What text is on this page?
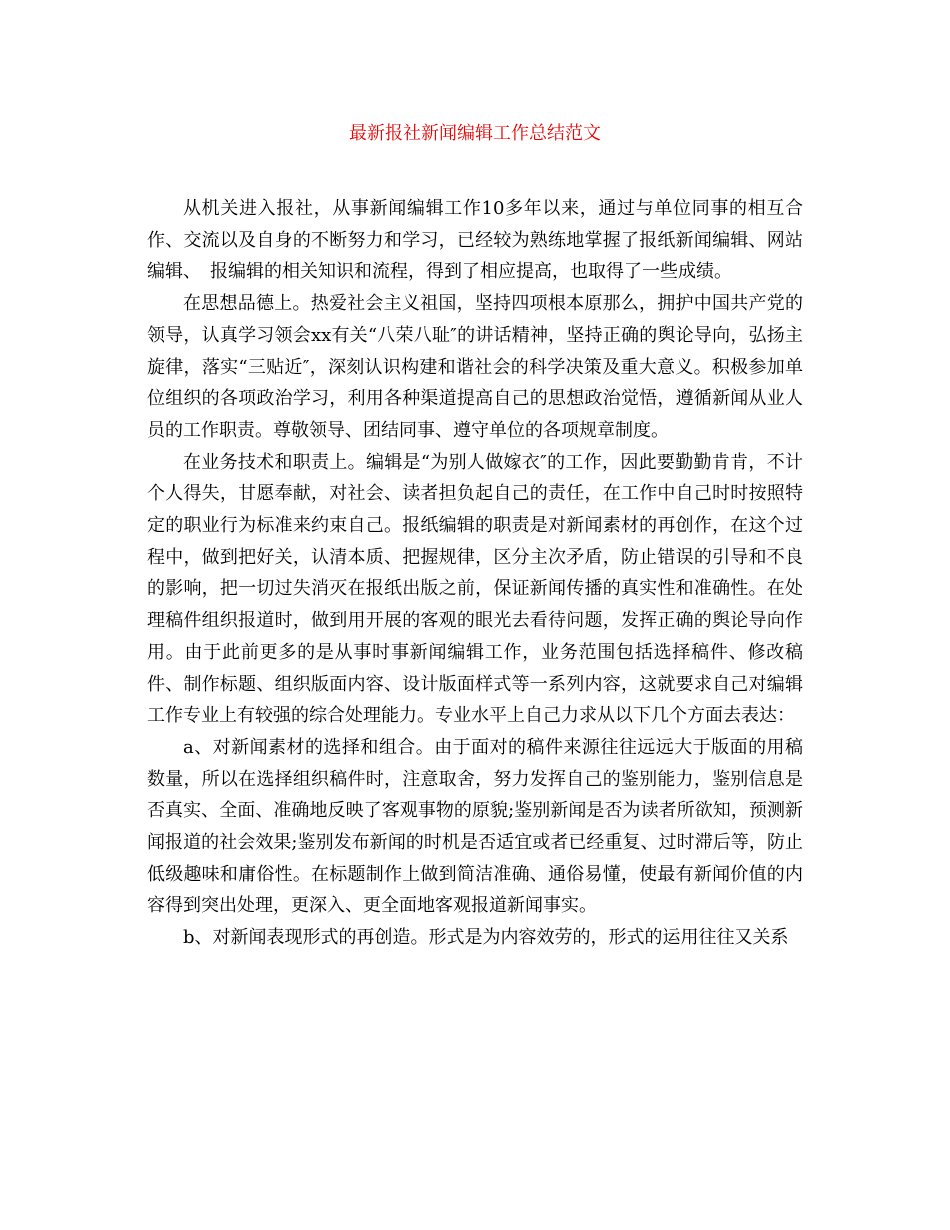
最新报社新闻编辑工作总结范文

从机关进入报社，从事新闻编辑工作10多年以来，通过与单位同事的相互合作、交流以及自身的不断努力和学习，已经较为熟练地掌握了报纸新闻编辑、网站编辑、　报编辑的相关知识和流程，得到了相应提高，也取得了一些成绩。

在思想品德上。热爱社会主义祖国，坚持四项根本原那么，拥护中国共产党的领导，认真学习领会xx有关“八荣八耻″的讲话精神，坚持正确的舆论导向，弘扬主旋律，落实“三贴近″，深刻认识构建和谐社会的科学决策及重大意义。积极参加单位组织的各项政治学习，利用各种渠道提高自己的思想政治觉悟，遵循新闻从业人员的工作职责。尊敬领导、团结同事、遵守单位的各项规章制度。

在业务技术和职责上。编辑是“为别人做嫁衣″的工作，因此要勤勤肯肯，不计个人得失，甘愿奉献，对社会、读者担负起自己的责任，在工作中自己时时按照特定的职业行为标准来约束自己。报纸编辑的职责是对新闻素材的再创作，在这个过程中，做到把好关，认清本质、把握规律，区分主次矛盾，防止错误的引导和不良的影响，把一切过失消灭在报纸出版之前，保证新闻传播的真实性和准确性。在处理稿件组织报道时，做到用开展的客观的眼光去看待问题，发挥正确的舆论导向作用。由于此前更多的是从事时事新闻编辑工作，业务范围包括选择稿件、修改稿件、制作标题、组织版面内容、设计版面样式等一系列内容，这就要求自己对编辑工作专业上有较强的综合处理能力。专业水平上自己力求从以下几个方面去表达：

a、对新闻素材的选择和组合。由于面对的稿件来源往往远远大于版面的用稿数量，所以在选择组织稿件时，注意取舍，努力发挥自己的鉴别能力，鉴别信息是否真实、全面、准确地反映了客观事物的原貌;鉴别新闻是否为读者所欲知，预测新闻报道的社会效果;鉴别发布新闻的时机是否适宜或者已经重复、过时滞后等，防止低级趣味和庸俗性。在标题制作上做到简洁准确、通俗易懂，使最有新闻价值的内容得到突出处理，更深入、更全面地客观报道新闻事实。

b、对新闻表现形式的再创造。形式是为内容效劳的，形式的运用往往又关系
